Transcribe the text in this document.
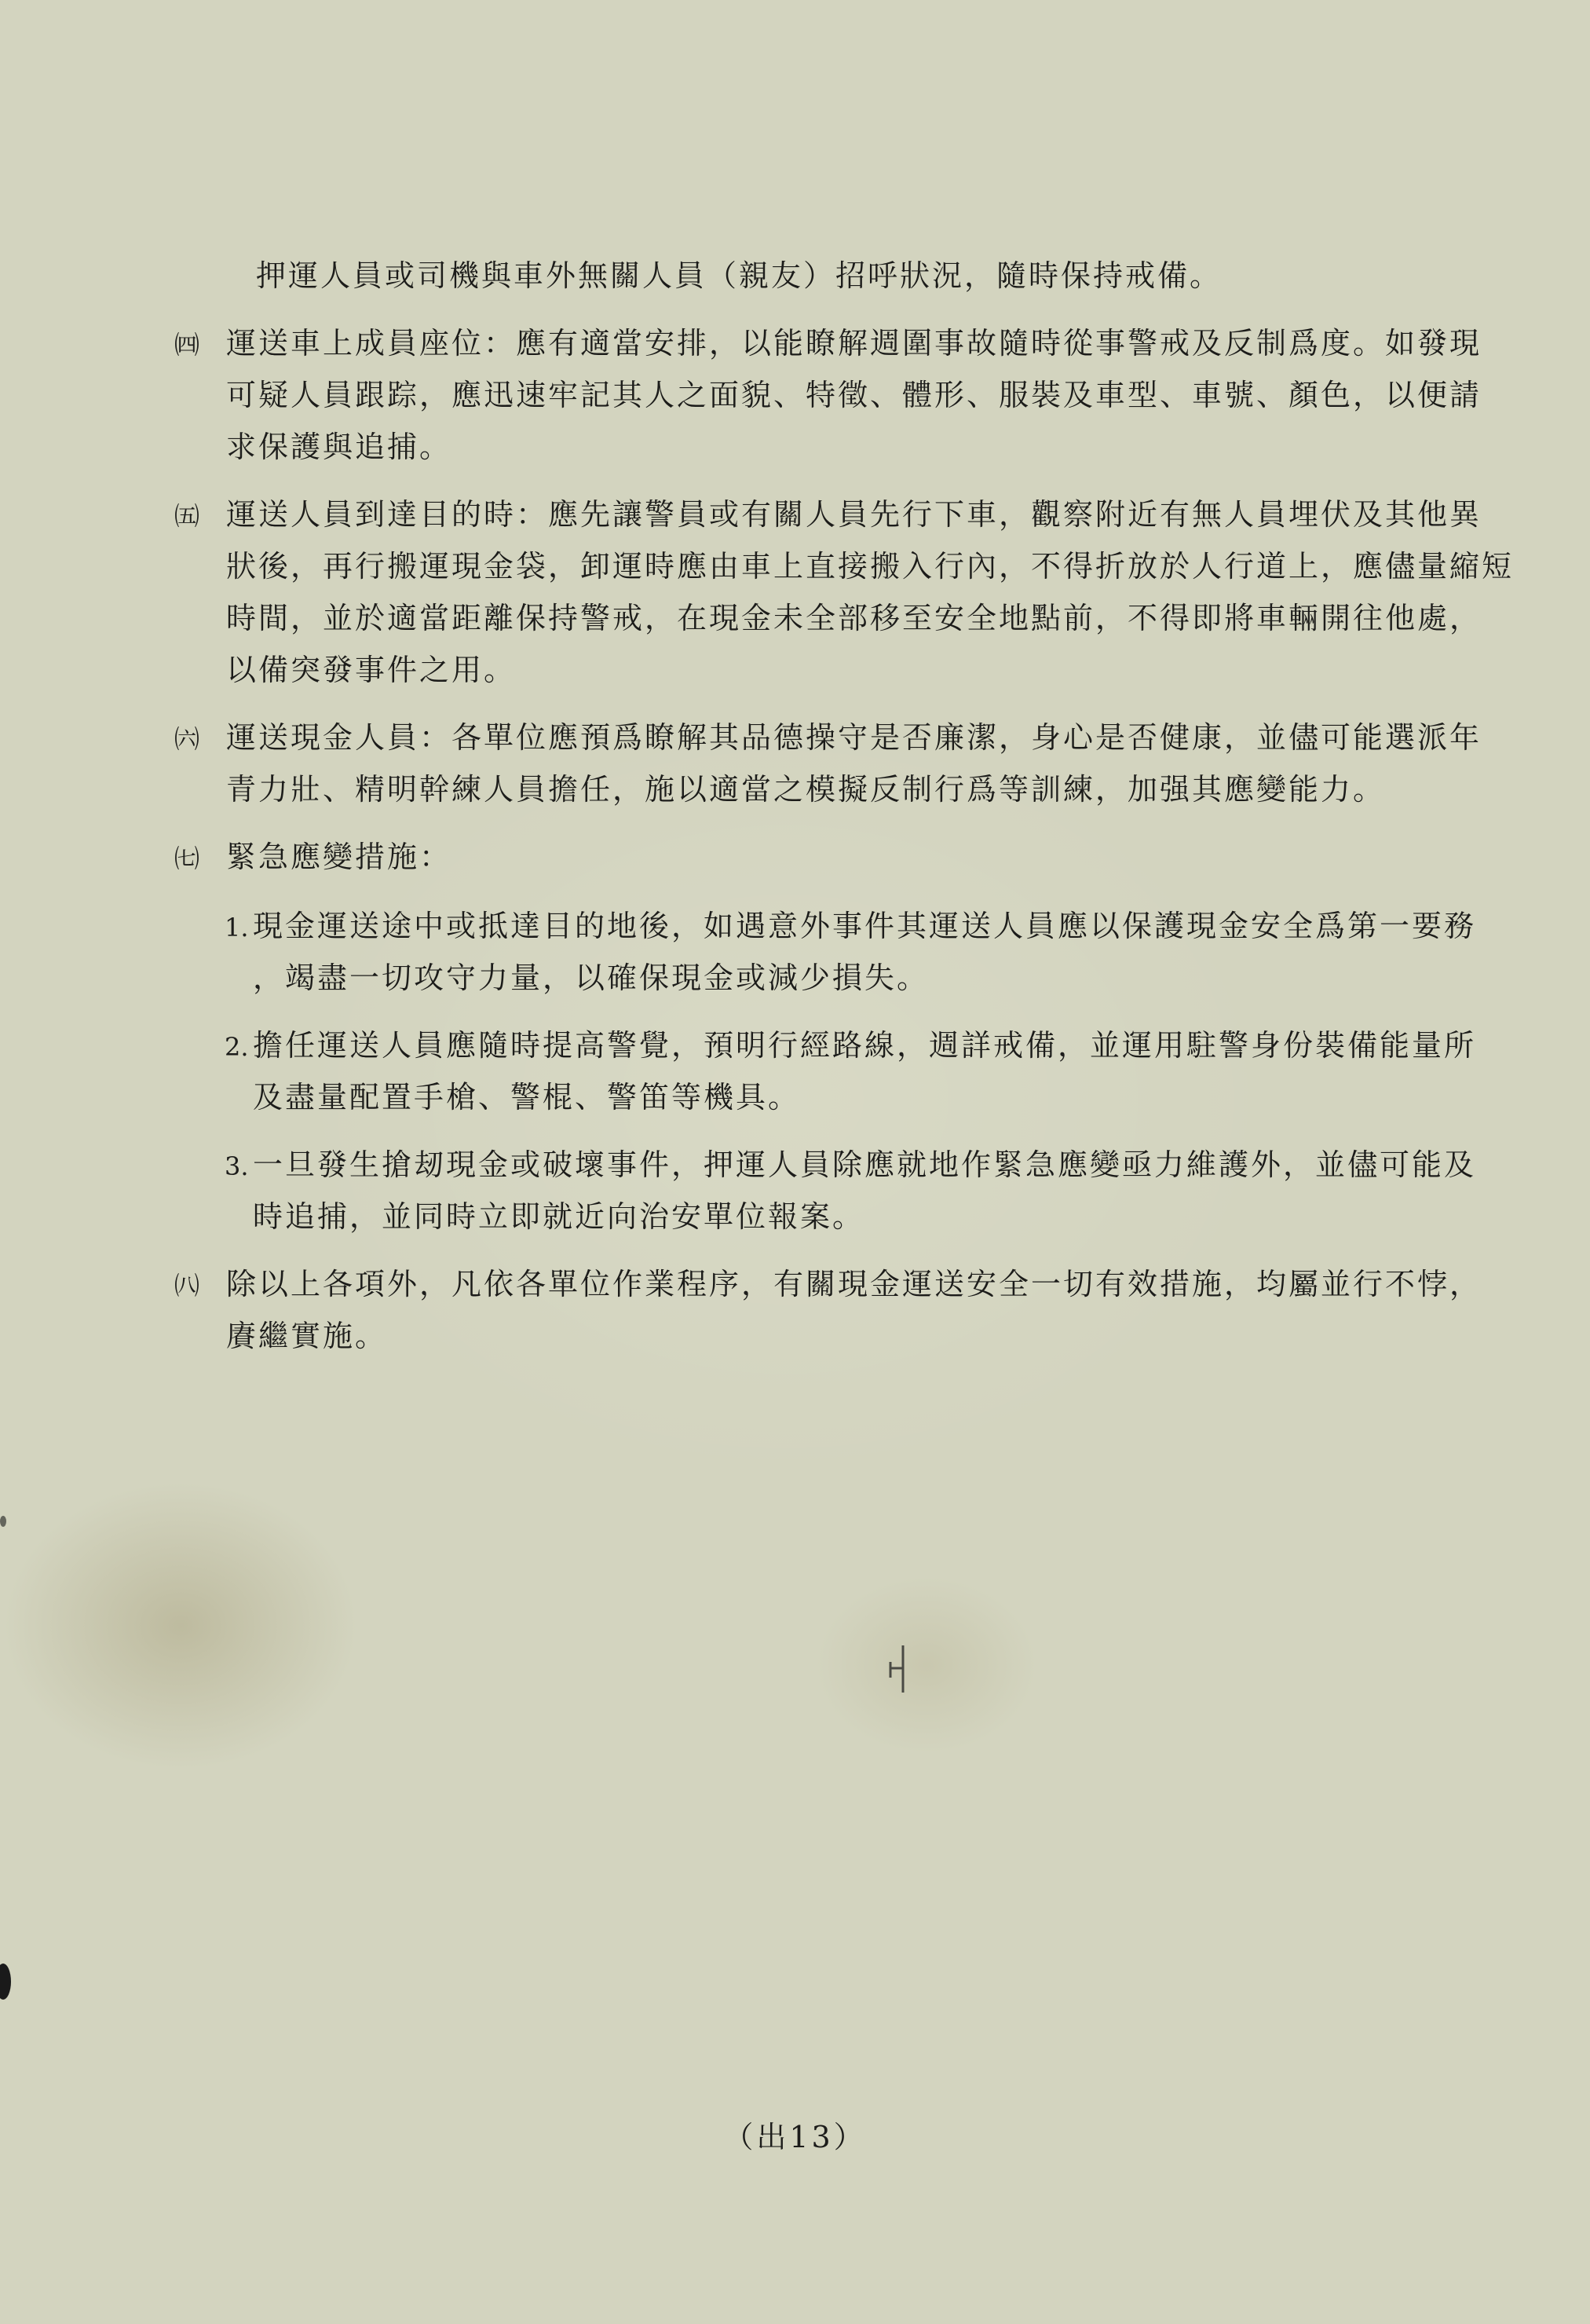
押運人員或司機與車外無關人員（親友）招呼狀況，隨時保持戒備。
㈣ 運送車上成員座位：應有適當安排，以能瞭解週圍事故隨時從事警戒及反制爲度。如發現
可疑人員跟踪，應迅速牢記其人之面貌、特徵、體形、服裝及車型、車號、顏色，以便請
求保護與追捕。
㈤ 運送人員到達目的時：應先讓警員或有關人員先行下車，觀察附近有無人員埋伏及其他異
狀後，再行搬運現金袋，卸運時應由車上直接搬入行內，不得折放於人行道上，應儘量縮短
時間，並於適當距離保持警戒，在現金未全部移至安全地點前，不得即將車輛開往他處，
以備突發事件之用。
㈥ 運送現金人員：各單位應預爲瞭解其品德操守是否廉潔，身心是否健康，並儘可能選派年
青力壯、精明幹練人員擔任，施以適當之模擬反制行爲等訓練，加强其應變能力。
㈦ 緊急應變措施：
1. 現金運送途中或抵達目的地後，如遇意外事件其運送人員應以保護現金安全爲第一要務
，竭盡一切攻守力量，以確保現金或減少損失。
2. 擔任運送人員應隨時提高警覺，預明行經路線，週詳戒備，並運用駐警身份裝備能量所
及盡量配置手槍、警棍、警笛等機具。
3. 一旦發生搶刼現金或破壞事件，押運人員除應就地作緊急應變亟力維護外，並儘可能及
時追捕，並同時立即就近向治安單位報案。
㈧ 除以上各項外，凡依各單位作業程序，有關現金運送安全一切有效措施，均屬並行不悖，
賡繼實施。
（出13）
